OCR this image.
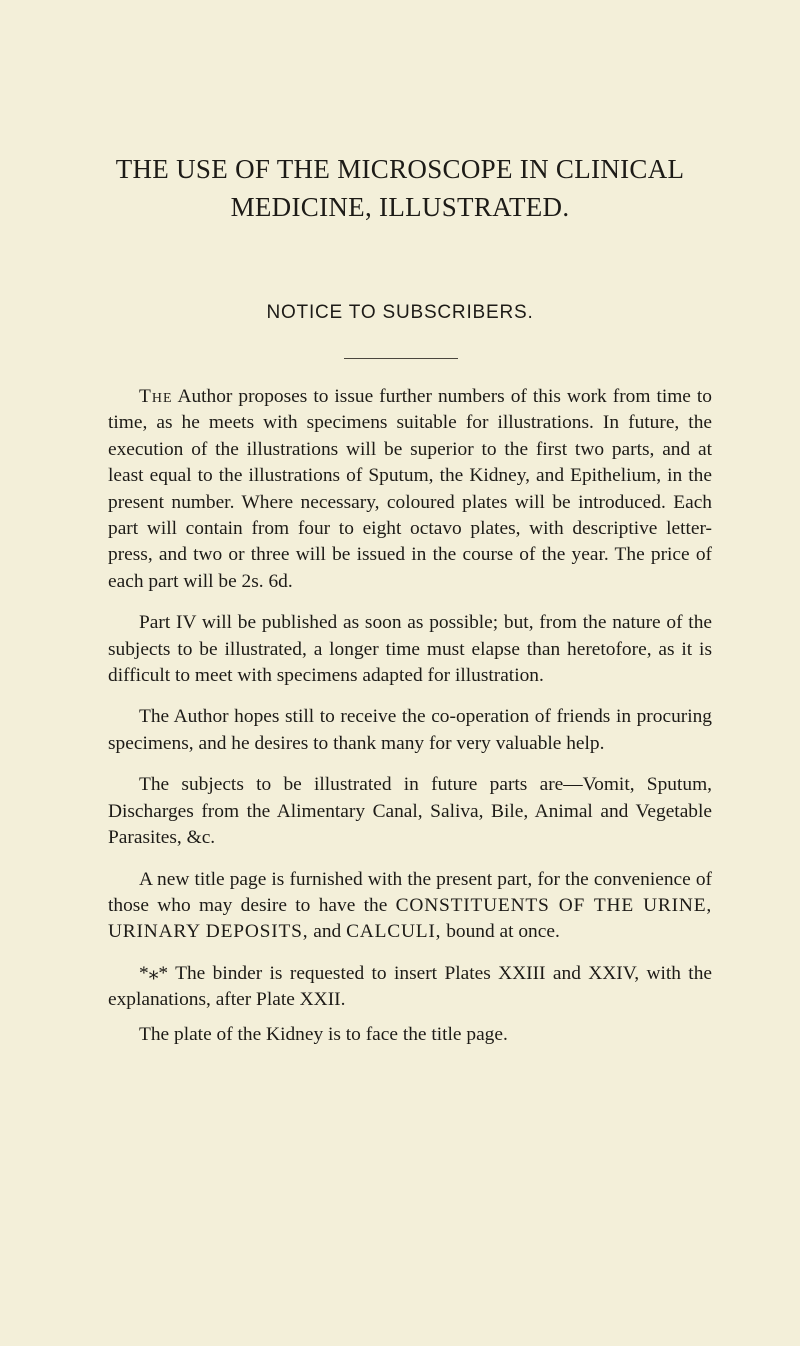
THE USE OF THE MICROSCOPE IN CLINICAL
MEDICINE, ILLUSTRATED.
NOTICE TO SUBSCRIBERS.

The Author proposes to issue further numbers of this work from time to time, as he meets with specimens suitable for illustrations. In future, the execution of the illustrations will be superior to the first two parts, and at least equal to the illustrations of Sputum, the Kidney, and Epithelium, in the present number. Where necessary, coloured plates will be introduced. Each part will contain from four to eight octavo plates, with descriptive letter-press, and two or three will be issued in the course of the year. The price of each part will be 2s. 6d.

Part IV will be published as soon as possible; but, from the nature of the subjects to be illustrated, a longer time must elapse than heretofore, as it is difficult to meet with specimens adapted for illustration.

The Author hopes still to receive the co-operation of friends in procuring specimens, and he desires to thank many for very valuable help.

The subjects to be illustrated in future parts are—Vomit, Sputum, Discharges from the Alimentary Canal, Saliva, Bile, Animal and Vegetable Parasites, &c.

A new title page is furnished with the present part, for the convenience of those who may desire to have the CONSTITUENTS OF THE URINE, URINARY DEPOSITS, and CALCULI, bound at once.

*⁎* The binder is requested to insert Plates XXIII and XXIV, with the explanations, after Plate XXII.

The plate of the Kidney is to face the title page.
